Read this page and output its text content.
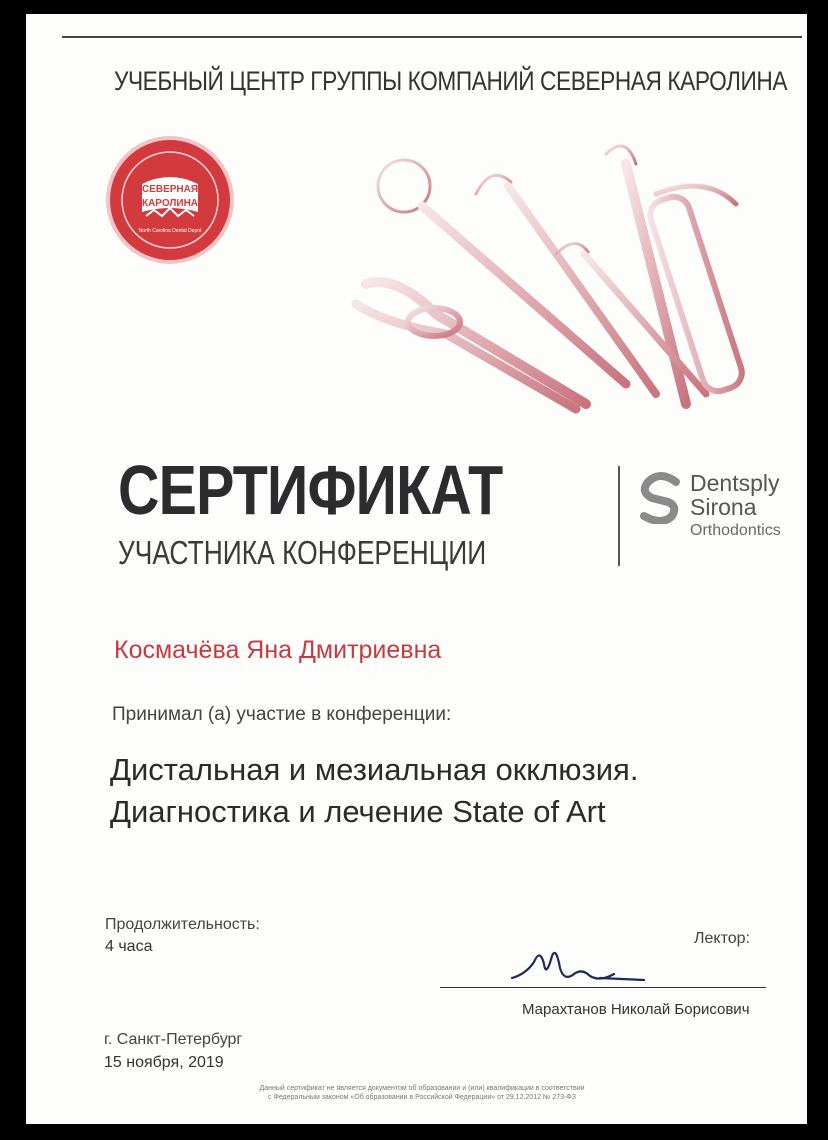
УЧЕБНЫЙ ЦЕНТР ГРУППЫ КОМПАНИЙ СЕВЕРНАЯ КАРОЛИНА
СЕВЕРНАЯ
КАРОЛИНА
North Carolina Dental Depot
СЕРТИФИКАТ
УЧАСТНИКА КОНФЕРЕНЦИИ
Dentsply
Sirona
Orthodontics
Космачёва Яна Дмитриевна
Принимал (а) участие в конференции:
Дистальная и мезиальная окклюзия.
Диагностика и лечение State of Art
Продолжительность:
4 часа	Лектор:
Марахтанов Николай Борисович
г. Санкт-Петербург
15 ноября, 2019
Данный сертификат не является документом об образовании и (или) квалификации в соответствии
с Федеральным законом «Об образовании в Российской Федерации» от 29.12.2012 № 273-ФЗ
